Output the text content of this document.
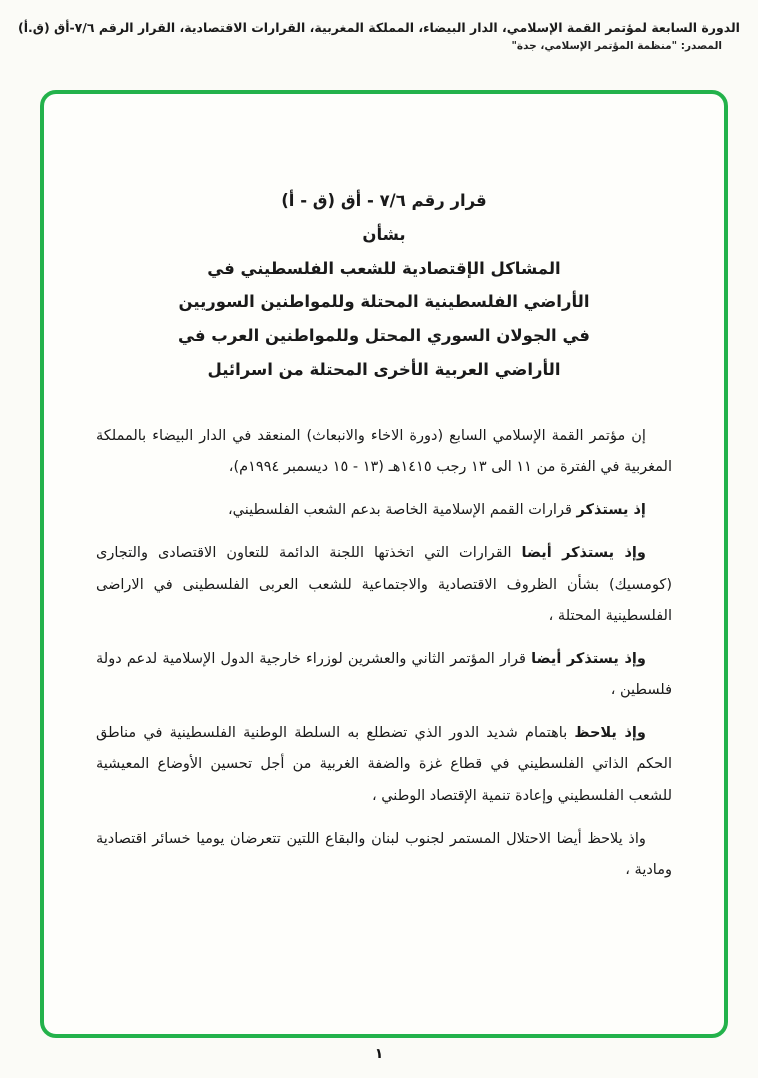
الدورة السابعة لمؤتمر القمة الإسلامي، الدار البيضاء، المملكة المغربية، القرارات الاقتصادية، القرار الرقم ٧/٦-أق (ق.أ)
المصدر: "منظمة المؤتمر الإسلامي، جدة"
قرار رقم ٧/٦ - أق (ق - أ)
بشأن
المشاكل الإقتصادية للشعب الفلسطيني في
الأراضي الفلسطينية المحتلة وللمواطنين السوريين
في الجولان السوري المحتل وللمواطنين العرب في
الأراضي العربية الأخرى المحتلة من اسرائيل

إن مؤتمر القمة الإسلامي السابع (دورة الاخاء والانبعاث) المنعقد في الدار البيضاء بالمملكة المغربية في الفترة من ١١ الى ١٣ رجب ١٤١٥هـ (١٣ - ١٥ ديسمبر ١٩٩٤م)،

إذ يستذكر قرارات القمم الإسلامية الخاصة بدعم الشعب الفلسطيني،

وإذ يستذكر أيضا القرارات التي اتخذتها اللجنة الدائمة للتعاون الاقتصادى والتجارى (كومسيك) بشأن الظروف الاقتصادية والاجتماعية للشعب العربى الفلسطينى في الاراضى الفلسطينية المحتلة ،

وإذ يستذكر أيضا قرار المؤتمر الثاني والعشرين لوزراء خارجية الدول الإسلامية لدعم دولة فلسطين ،

وإذ يلاحظ باهتمام شديد الدور الذي تضطلع به السلطة الوطنية الفلسطينية في مناطق الحكم الذاتي الفلسطيني في قطاع غزة والضفة الغربية من أجل تحسين الأوضاع المعيشية للشعب الفلسطيني وإعادة تنمية الإقتصاد الوطني ،

واذ يلاحظ أيضا الاحتلال المستمر لجنوب لبنان والبقاع اللتين تتعرضان يوميا خسائر اقتصادية ومادية ،

١
